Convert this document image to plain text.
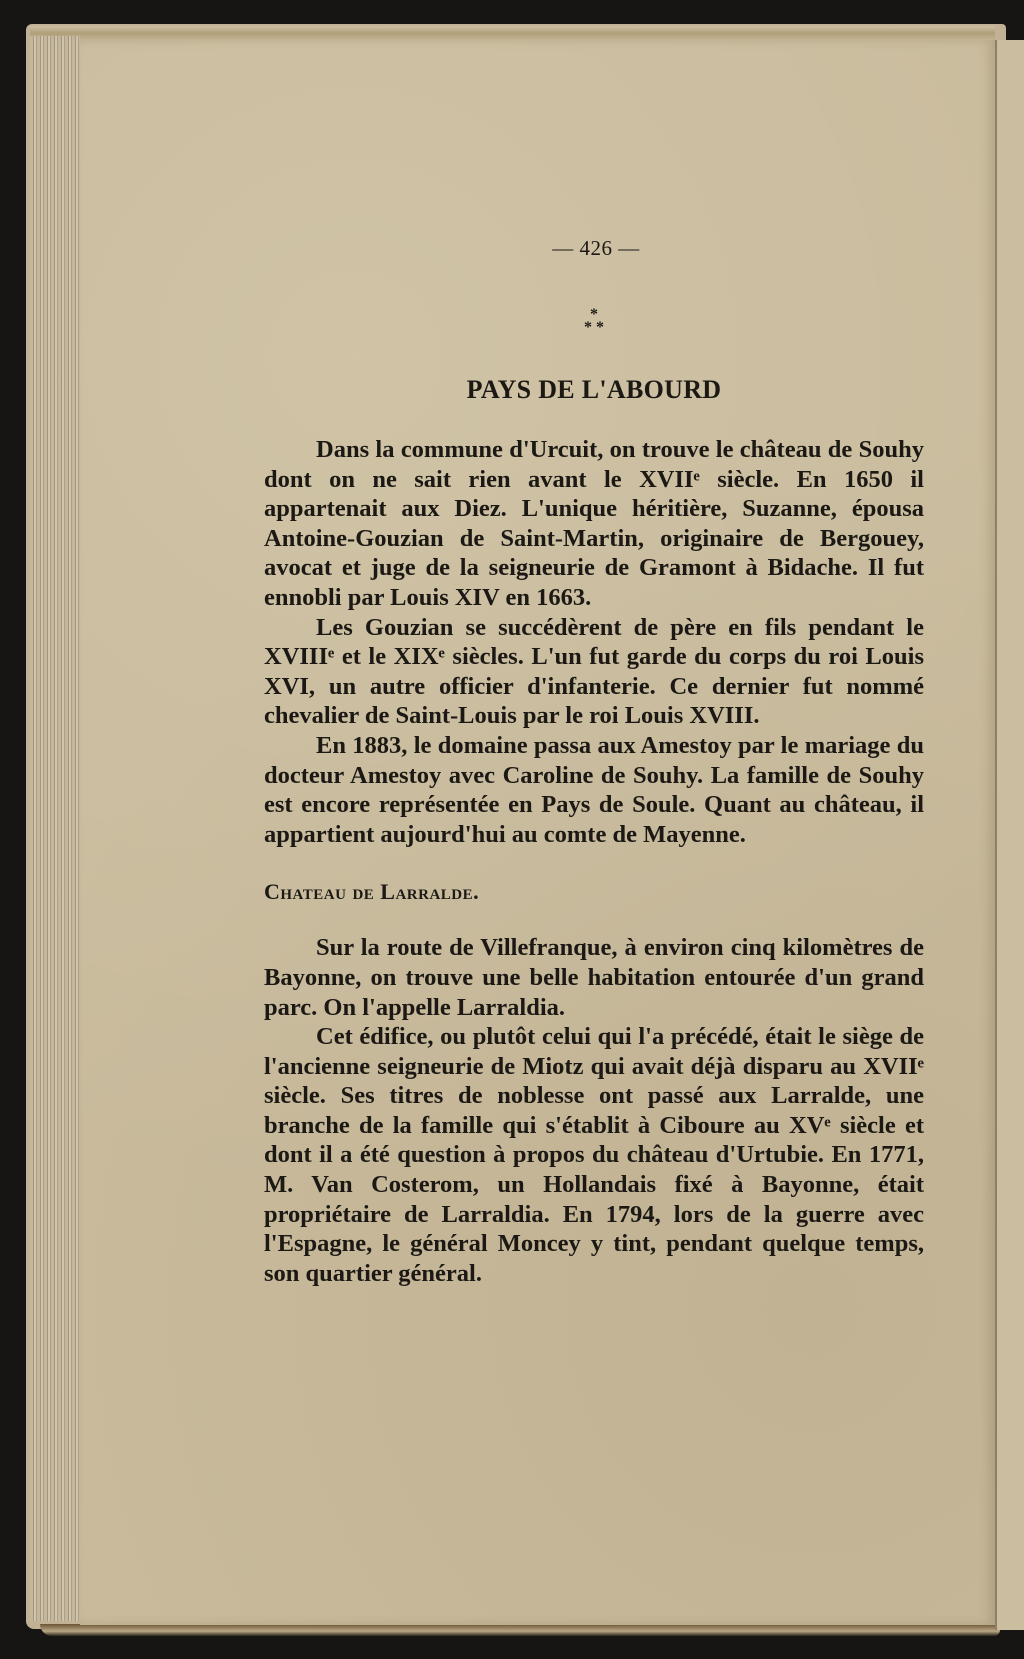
— 426 —
*
* *
PAYS DE L'ABOURD

Dans la commune d'Urcuit, on trouve le château de Souhy dont on ne sait rien avant le XVIIᵉ siècle. En 1650 il appartenait aux Diez. L'unique héritière, Suzanne, épousa Antoine-Gouzian de Saint-Martin, originaire de Bergouey, avocat et juge de la seigneurie de Gramont à Bidache. Il fut ennobli par Louis XIV en 1663.

Les Gouzian se succédèrent de père en fils pendant le XVIIIᵉ et le XIXᵉ siècles. L'un fut garde du corps du roi Louis XVI, un autre officier d'infanterie. Ce dernier fut nommé chevalier de Saint-Louis par le roi Louis XVIII.

En 1883, le domaine passa aux Amestoy par le mariage du docteur Amestoy avec Caroline de Souhy. La famille de Souhy est encore représentée en Pays de Soule. Quant au château, il appartient aujourd'hui au comte de Mayenne.

Chateau de Larralde.

Sur la route de Villefranque, à environ cinq kilomètres de Bayonne, on trouve une belle habitation entourée d'un grand parc. On l'appelle Larraldia.

Cet édifice, ou plutôt celui qui l'a précédé, était le siège de l'ancienne seigneurie de Miotz qui avait déjà disparu au XVIIᵉ siècle. Ses titres de noblesse ont passé aux Larralde, une branche de la famille qui s'établit à Ciboure au XVᵉ siècle et dont il a été question à propos du château d'Urtubie. En 1771, M. Van Costerom, un Hollandais fixé à Bayonne, était propriétaire de Larraldia. En 1794, lors de la guerre avec l'Espagne, le général Moncey y tint, pendant quelque temps, son quartier général.
